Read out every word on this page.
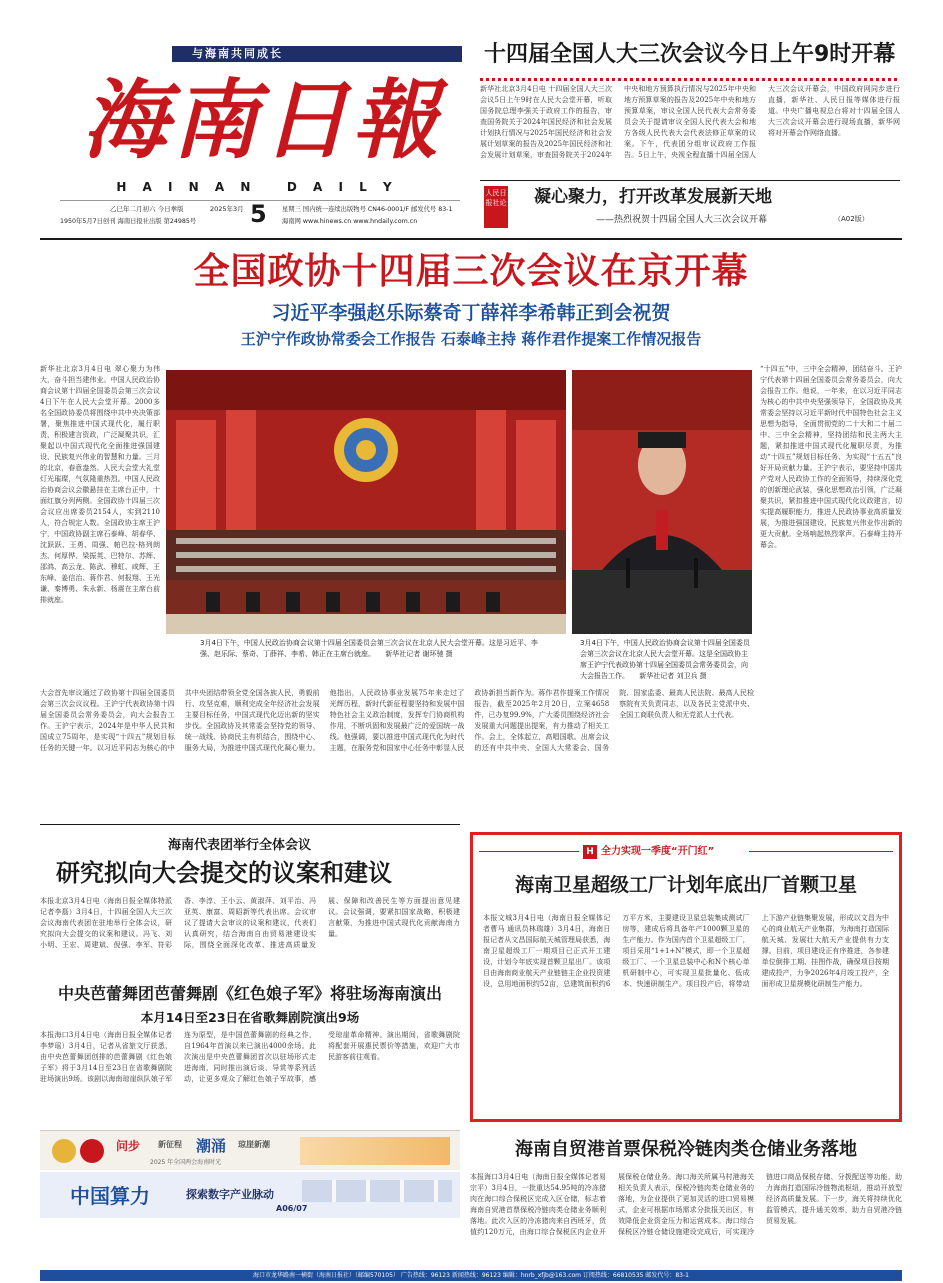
与海南共同成长
海南日報
H A I N A N   D A I L Y
乙巳年二月初六 今日拳版	2025年3月 5
1950年5月7日创刊 海南日报社出版 第24985号
星期三 国内统一连续出版物号 CN46-0001/F 邮发代号 83-1
海南网 www.hinews.cn www.hndaily.com.cn
十四届全国人大三次会议今日上午9时开幕
新华社北京3月4日电 十四届全国人大三次会议5日上午9时在人民大会堂开幕，听取国务院总理李强关于政府工作的报告，审查国务院关于2024年国民经济和社会发展计划执行情况与2025年国民经济和社会发展计划草案的报告及2025年国民经济和社会发展计划草案，审查国务院关于2024年中央和地方预算执行情况与2025年中央和地方预算草案的报告及2025年中央和地方预算草案，审议全国人民代表大会常务委员会关于提请审议全国人民代表大会和地方各级人民代表大会代表法修正草案的议案。下午，代表团分组审议政府工作报告。5日上午，央视全程直播十四届全国人大三次会议开幕会，中国政府网同步进行直播，新华社、人民日报等媒体进行报道。中央广播电视总台将对十四届全国人大三次会议开幕会进行现场直播，新华网将对开幕会作网络直播。
人民日报社论 凝心聚力，打开改革发展新天地
——热烈祝贺十四届全国人大三次会议开幕	（A02版）
全国政协十四届三次会议在京开幕
习近平李强赵乐际蔡奇丁薛祥李希韩正到会祝贺
王沪宁作政协常委会工作报告 石泰峰主持 蒋作君作提案工作情况报告
新华社北京3月4日电 翠心聚力为伟大，奋斗担当建伟业。中国人民政治协商会议第十四届全国委员会第三次会议4日下午在人民大会堂开幕。2000多名全国政协委员将围绕中共中央决策部署，聚焦推进中国式现代化，履行职责，积极建言资政，广泛凝聚共识，汇聚起以中国式现代化全面推进强国建设、民族复兴伟业的智慧和力量。三月的北京，春意盎然。人民大会堂大礼堂灯光璀璨，气氛隆重热烈。中国人民政治协商会议会徽悬挂在主席台正中，十面红旗分列两侧。全国政协十四届三次会议应出席委员2154人，实到2110人，符合规定人数。全国政协主席王沪宁，中国政协副主席石泰峰、胡春华、沈跃跃、王勇、周强、帕巴拉·格列朗杰、何厚铧、梁振英、巴特尔、苏辉、邵鸿、高云龙、陈武、穆虹、咸辉、王东峰、姜信治、蒋作君、何报翔、王光谦、秦博勇、朱永新、杨震在主席台前排就座。
3月4日下午，中国人民政治协商会议第十四届全国委员会第三次会议在北京人民大会堂开幕。这是习近平、李强、赵乐际、蔡奇、丁薛祥、李希、韩正在主席台就座。 新华社记者 谢环驰 摄
3月4日下午，中国人民政治协商会议第十四届全国委员会第三次会议在北京人民大会堂开幕。这是全国政协主席王沪宁代表政协第十四届全国委员会常务委员会，向大会报告工作。 新华社记者 刘卫兵 摄
“十四五”中，三中全会精神，团结奋斗。王沪宁代表第十四届全国委员会常务委员会，向大会报告工作。他说，一年来，在以习近平同志为核心的中共中央坚强领导下，全国政协及其常委会坚持以习近平新时代中国特色社会主义思想为指导，全面贯彻党的二十大和二十届二中、三中全会精神，坚持团结和民主两大主题，紧扣推进中国式现代化履职尽责，为推动“十四五”规划目标任务、为实现“十五五”良好开局贡献力量。王沪宁表示，要坚持中国共产党对人民政协工作的全面领导，持续深化党的创新理论武装，强化思想政治引领，广泛凝聚共识，紧扣推进中国式现代化议政建言，切实提高履职能力，推进人民政协事业高质量发展，为推进强国建设、民族复兴伟业作出新的更大贡献。全场响起热烈掌声。石泰峰主持开幕会。
大会首先审议通过了政协第十四届全国委员会第三次会议议程。王沪宁代表政协第十四届全国委员会常务委员会，向大会报告工作。王沪宁表示，2024年是中华人民共和国成立75周年，是实现“十四五”规划目标任务的关键一年。以习近平同志为核心的中共中央团结带领全党全国各族人民，勇毅前行、攻坚克难，顺利完成全年经济社会发展主要目标任务，中国式现代化迈出新的坚实步伐。全国政协及其常委会坚持党的领导、统一战线、协商民主有机结合，围绕中心、服务大局，为推进中国式现代化凝心聚力。他指出，人民政协事业发展75年来走过了光辉历程，新时代新征程要坚持和发展中国特色社会主义政治制度，发挥专门协商机构作用，不断巩固和发展最广泛的爱国统一战线。他强调，要以推进中国式现代化为时代主题，在服务党和国家中心任务中彰显人民政协新担当新作为。蒋作君作提案工作情况报告，截至2025年2月20日，立案4658件，已办复99.9%，广大委员围绕经济社会发展重大问题提出提案，有力推动了相关工作。会上，全体起立，高唱国歌。出席会议的还有中共中央、全国人大常委会、国务院、国家监委、最高人民法院、最高人民检察院有关负责同志，以及各民主党派中央、全国工商联负责人和无党派人士代表。
海南代表团举行全体会议
研究拟向大会提交的议案和建议
本报北京3月4日电（海南日报全媒体特派记者李磊）3月4日，十四届全国人大三次会议海南代表团在驻地举行全体会议，研究拟向大会提交的议案和建议。冯飞、刘小明、王宏、周建斌、倪强、李军、符彩香、李淳、王小云、黄淑萍、刘平治、冯亚英、康富、周昭新等代表出席。会议审议了提请大会审议的议案和建议，代表们认真研究，结合海南自由贸易港建设实际，围绕全面深化改革、推进高质量发展、保障和改善民生等方面提出意见建议。会议强调，要紧扣国家战略，积极建言献策，为推进中国式现代化贡献海南力量。
中央芭蕾舞团芭蕾舞剧《红色娘子军》将驻场海南演出
本月14日至23日在省歌舞剧院演出9场
本报海口3月4日电（海南日报全媒体记者李梦瑶）3月4日，记者从省旅文厅获悉，由中央芭蕾舞团创排的芭蕾舞剧《红色娘子军》将于3月14日至23日在省歌舞剧院驻场演出9场。该剧以海南琼崖纵队娘子军连为原型，是中国芭蕾舞剧的经典之作，自1964年首演以来已演出4000余场。此次演出是中央芭蕾舞团首次以驻场形式走进海南，同时推出演后谈、导赏等系列活动，让更多观众了解红色娘子军故事，感受琼崖革命精神。演出期间，省歌舞剧院将配套开展惠民票价等措施，欢迎广大市民游客前往观看。
问步 新征程 潮涌 琼崖新潮
2025 年全国两会海南时光
中国算力	探索数字产业脉动
A06/07
H 全力实现一季度“开门红”
海南卫星超级工厂计划年底出厂首颗卫星
本报文城3月4日电（海南日报全媒体记者曹马 通讯员林瑞雄）3月4日，海南日报记者从文昌国际航天城管理局获悉，海南卫星超级工厂一期项目已正式开工建设，计划今年底实现首颗卫星出厂。该项目由海南商业航天产业链链主企业投资建设，总用地面积约52亩，总建筑面积约6万平方米，主要建设卫星总装集成测试厂房等，建成后将具备年产1000颗卫星的生产能力。作为国内首个卫星超级工厂，项目采用“1+1+N”模式，即一个卫星超级工厂、一个卫星总装中心和N个核心单机研制中心，可实现卫星批量化、低成本、快速研制生产。项目投产后，将带动上下游产业链集聚发展，形成以文昌为中心的商业航天产业集群，为海南打造国际航天城、发展壮大航天产业提供有力支撑。目前，项目建设正有序推进，各参建单位倒排工期、挂图作战，确保项目按期建成投产，力争2026年4月竣工投产，全面形成卫星规模化研制生产能力。
海南自贸港首票保税冷链肉类仓储业务落地
本报海口3月4日电（海南日报全媒体记者易宗平）3月4日，一批重达54.95吨的冷冻猪肉在海口综合保税区完成入区仓储，标志着海南自贸港首票保税冷链肉类仓储业务顺利落地。此次入区的冷冻猪肉来自西班牙，货值约120万元，由海口综合保税区内企业开展保税仓储业务。海口海关所属马村港海关相关负责人表示，保税冷链肉类仓储业务的落地，为企业提供了更加灵活的进口贸易模式，企业可根据市场需求分批报关出区，有效降低企业资金压力和运营成本。海口综合保税区冷链仓储设施建设完成后，可实现冷链进口商品保税存储、分拨配送等功能，助力海南打造国际冷链物流枢纽，推动开放型经济高质量发展。下一步，海关将持续优化监管模式，提升通关效率，助力自贸港冷链贸易发展。
海口市龙华路南一横街（海南日报社）（邮编570105） 广告热线：96123 新闻热线：96123 编辑：hnrb_xfjb@163.com 订阅热线：66810535 邮发代号：83-1
